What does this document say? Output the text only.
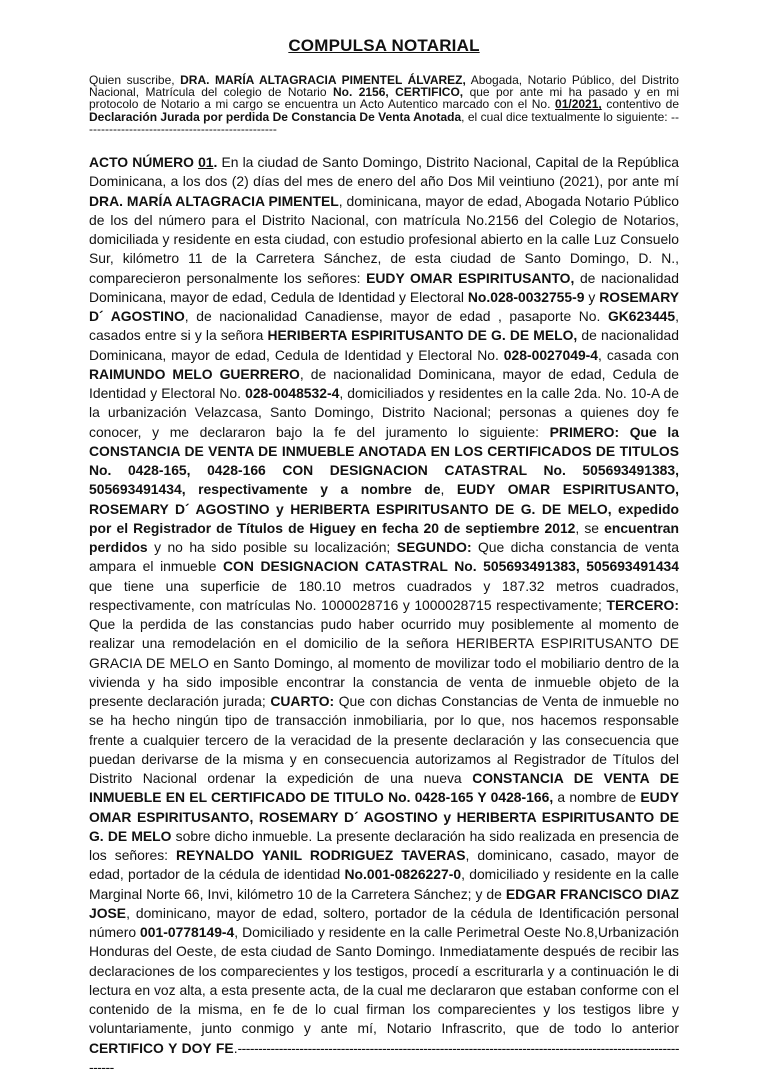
COMPULSA NOTARIAL

Quien suscribe, DRA. MARÍA ALTAGRACIA PIMENTEL ÁLVAREZ, Abogada, Notario Público, del Distrito Nacional, Matrícula del colegio de Notario No. 2156, CERTIFICO, que por ante mi ha pasado y en mi protocolo de Notario a mi cargo se encuentra un Acto Autentico marcado con el No. 01/2021, contentivo de Declaración Jurada por perdida De Constancia De Venta Anotada, el cual dice textualmente lo siguiente: -------------------------------------------------

ACTO NÚMERO 01. En la ciudad de Santo Domingo, Distrito Nacional, Capital de la República Dominicana, a los dos (2) días del mes de enero del año Dos Mil veintiuno (2021), por ante mí DRA. MARÍA ALTAGRACIA PIMENTEL, dominicana, mayor de edad, Abogada Notario Público de los del número para el Distrito Nacional, con matrícula No.2156 del Colegio de Notarios, domiciliada y residente en esta ciudad, con estudio profesional abierto en la calle Luz Consuelo Sur, kilómetro 11 de la Carretera Sánchez, de esta ciudad de Santo Domingo, D. N., comparecieron personalmente los señores: EUDY OMAR ESPIRITUSANTO, de nacionalidad Dominicana, mayor de edad, Cedula de Identidad y Electoral No.028-0032755-9 y ROSEMARY D´ AGOSTINO, de nacionalidad Canadiense, mayor de edad , pasaporte No. GK623445, casados entre si y la señora HERIBERTA ESPIRITUSANTO DE G. DE MELO, de nacionalidad Dominicana, mayor de edad, Cedula de Identidad y Electoral No. 028-0027049-4, casada con RAIMUNDO MELO GUERRERO, de nacionalidad Dominicana, mayor de edad, Cedula de Identidad y Electoral No. 028-0048532-4, domiciliados y residentes en la calle 2da. No. 10-A de la urbanización Velazcasa, Santo Domingo, Distrito Nacional; personas a quienes doy fe conocer, y me declararon bajo la fe del juramento lo siguiente: PRIMERO: Que la CONSTANCIA DE VENTA DE INMUEBLE ANOTADA EN LOS CERTIFICADOS DE TITULOS No. 0428-165, 0428-166 CON DESIGNACION CATASTRAL No. 505693491383, 505693491434, respectivamente y a nombre de, EUDY OMAR ESPIRITUSANTO, ROSEMARY D´ AGOSTINO y HERIBERTA ESPIRITUSANTO DE G. DE MELO, expedido por el Registrador de Títulos de Higuey en fecha 20 de septiembre 2012, se encuentran perdidos y no ha sido posible su localización; SEGUNDO: Que dicha constancia de venta ampara el inmueble CON DESIGNACION CATASTRAL No. 505693491383, 505693491434 que tiene una superficie de 180.10 metros cuadrados y 187.32 metros cuadrados, respectivamente, con matrículas No. 1000028716 y 1000028715 respectivamente; TERCERO: Que la perdida de las constancias pudo haber ocurrido muy posiblemente al momento de realizar una remodelación en el domicilio de la señora HERIBERTA ESPIRITUSANTO DE GRACIA DE MELO en Santo Domingo, al momento de movilizar todo el mobiliario dentro de la vivienda y ha sido imposible encontrar la constancia de venta de inmueble objeto de la presente declaración jurada; CUARTO: Que con dichas Constancias de Venta de inmueble no se ha hecho ningún tipo de transacción inmobiliaria, por lo que, nos hacemos responsable frente a cualquier tercero de la veracidad de la presente declaración y las consecuencia que puedan derivarse de la misma y en consecuencia autorizamos al Registrador de Títulos del Distrito Nacional ordenar la expedición de una nueva CONSTANCIA DE VENTA DE INMUEBLE EN EL CERTIFICADO DE TITULO No. 0428-165 Y 0428-166, a nombre de EUDY OMAR ESPIRITUSANTO, ROSEMARY D´ AGOSTINO y HERIBERTA ESPIRITUSANTO DE G. DE MELO sobre dicho inmueble. La presente declaración ha sido realizada en presencia de los señores: REYNALDO YANIL RODRIGUEZ TAVERAS, dominicano, casado, mayor de edad, portador de la cédula de identidad No.001-0826227-0, domiciliado y residente en la calle Marginal Norte 66, Invi, kilómetro 10 de la Carretera Sánchez; y de EDGAR FRANCISCO DIAZ JOSE, dominicano, mayor de edad, soltero, portador de la cédula de Identificación personal número 001-0778149-4, Domiciliado y residente en la calle Perimetral Oeste No.8,Urbanización Honduras del Oeste, de esta ciudad de Santo Domingo. Inmediatamente después de recibir las declaraciones de los comparecientes y los testigos, procedí a escriturarla y a continuación le di lectura en voz alta, a esta presente acta, de la cual me declararon que estaban conforme con el contenido de la misma, en fe de lo cual firman los comparecientes y los testigos libre y voluntariamente, junto conmigo y ante mí, Notario Infrascrito, que de todo lo anterior CERTIFICO Y DOY FE.-----------------------------------------------------------------------------------------------------------------
